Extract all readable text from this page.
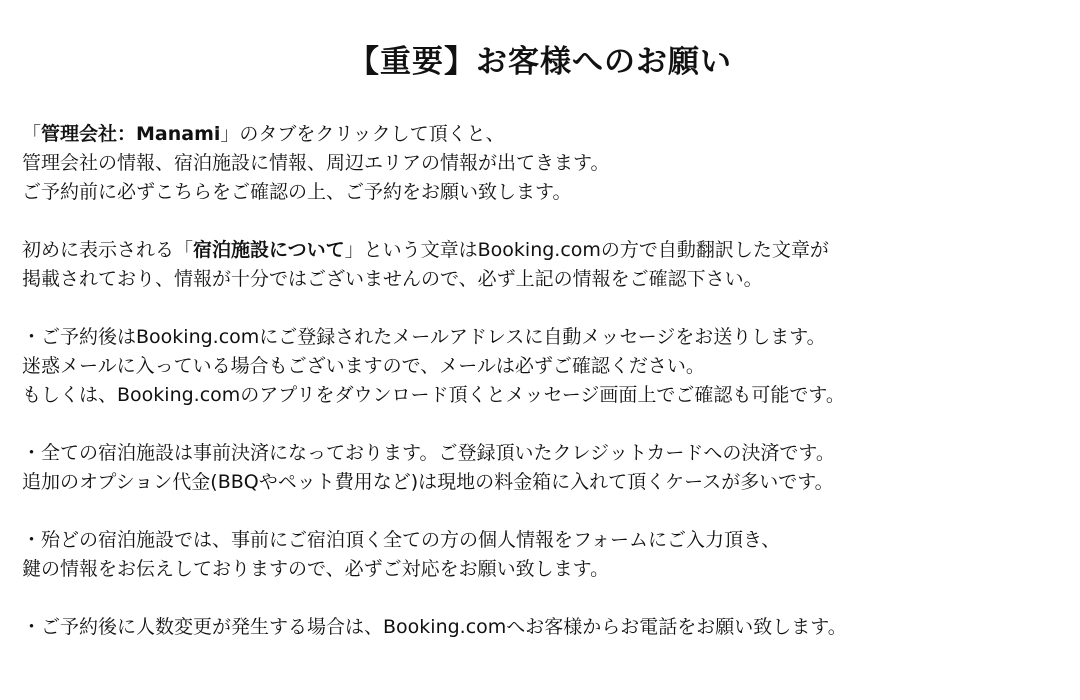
【重要】お客様へのお願い
「管理会社：Manami」のタブをクリックして頂くと、
管理会社の情報、宿泊施設に情報、周辺エリアの情報が出てきます。
ご予約前に必ずこちらをご確認の上、ご予約をお願い致します。
初めに表示される「宿泊施設について」という文章はBooking.comの方で自動翻訳した文章が
掲載されており、情報が十分ではございませんので、必ず上記の情報をご確認下さい。
・ご予約後はBooking.comにご登録されたメールアドレスに自動メッセージをお送りします。
迷惑メールに入っている場合もございますので、メールは必ずご確認ください。
もしくは、Booking.comのアプリをダウンロード頂くとメッセージ画面上でご確認も可能です。
・全ての宿泊施設は事前決済になっております。ご登録頂いたクレジットカードへの決済です。
追加のオプション代金(BBQやペット費用など)は現地の料金箱に入れて頂くケースが多いです。
・殆どの宿泊施設では、事前にご宿泊頂く全ての方の個人情報をフォームにご入力頂き、
鍵の情報をお伝えしておりますので、必ずご対応をお願い致します。
・ご予約後に人数変更が発生する場合は、Booking.comへお客様からお電話をお願い致します。
